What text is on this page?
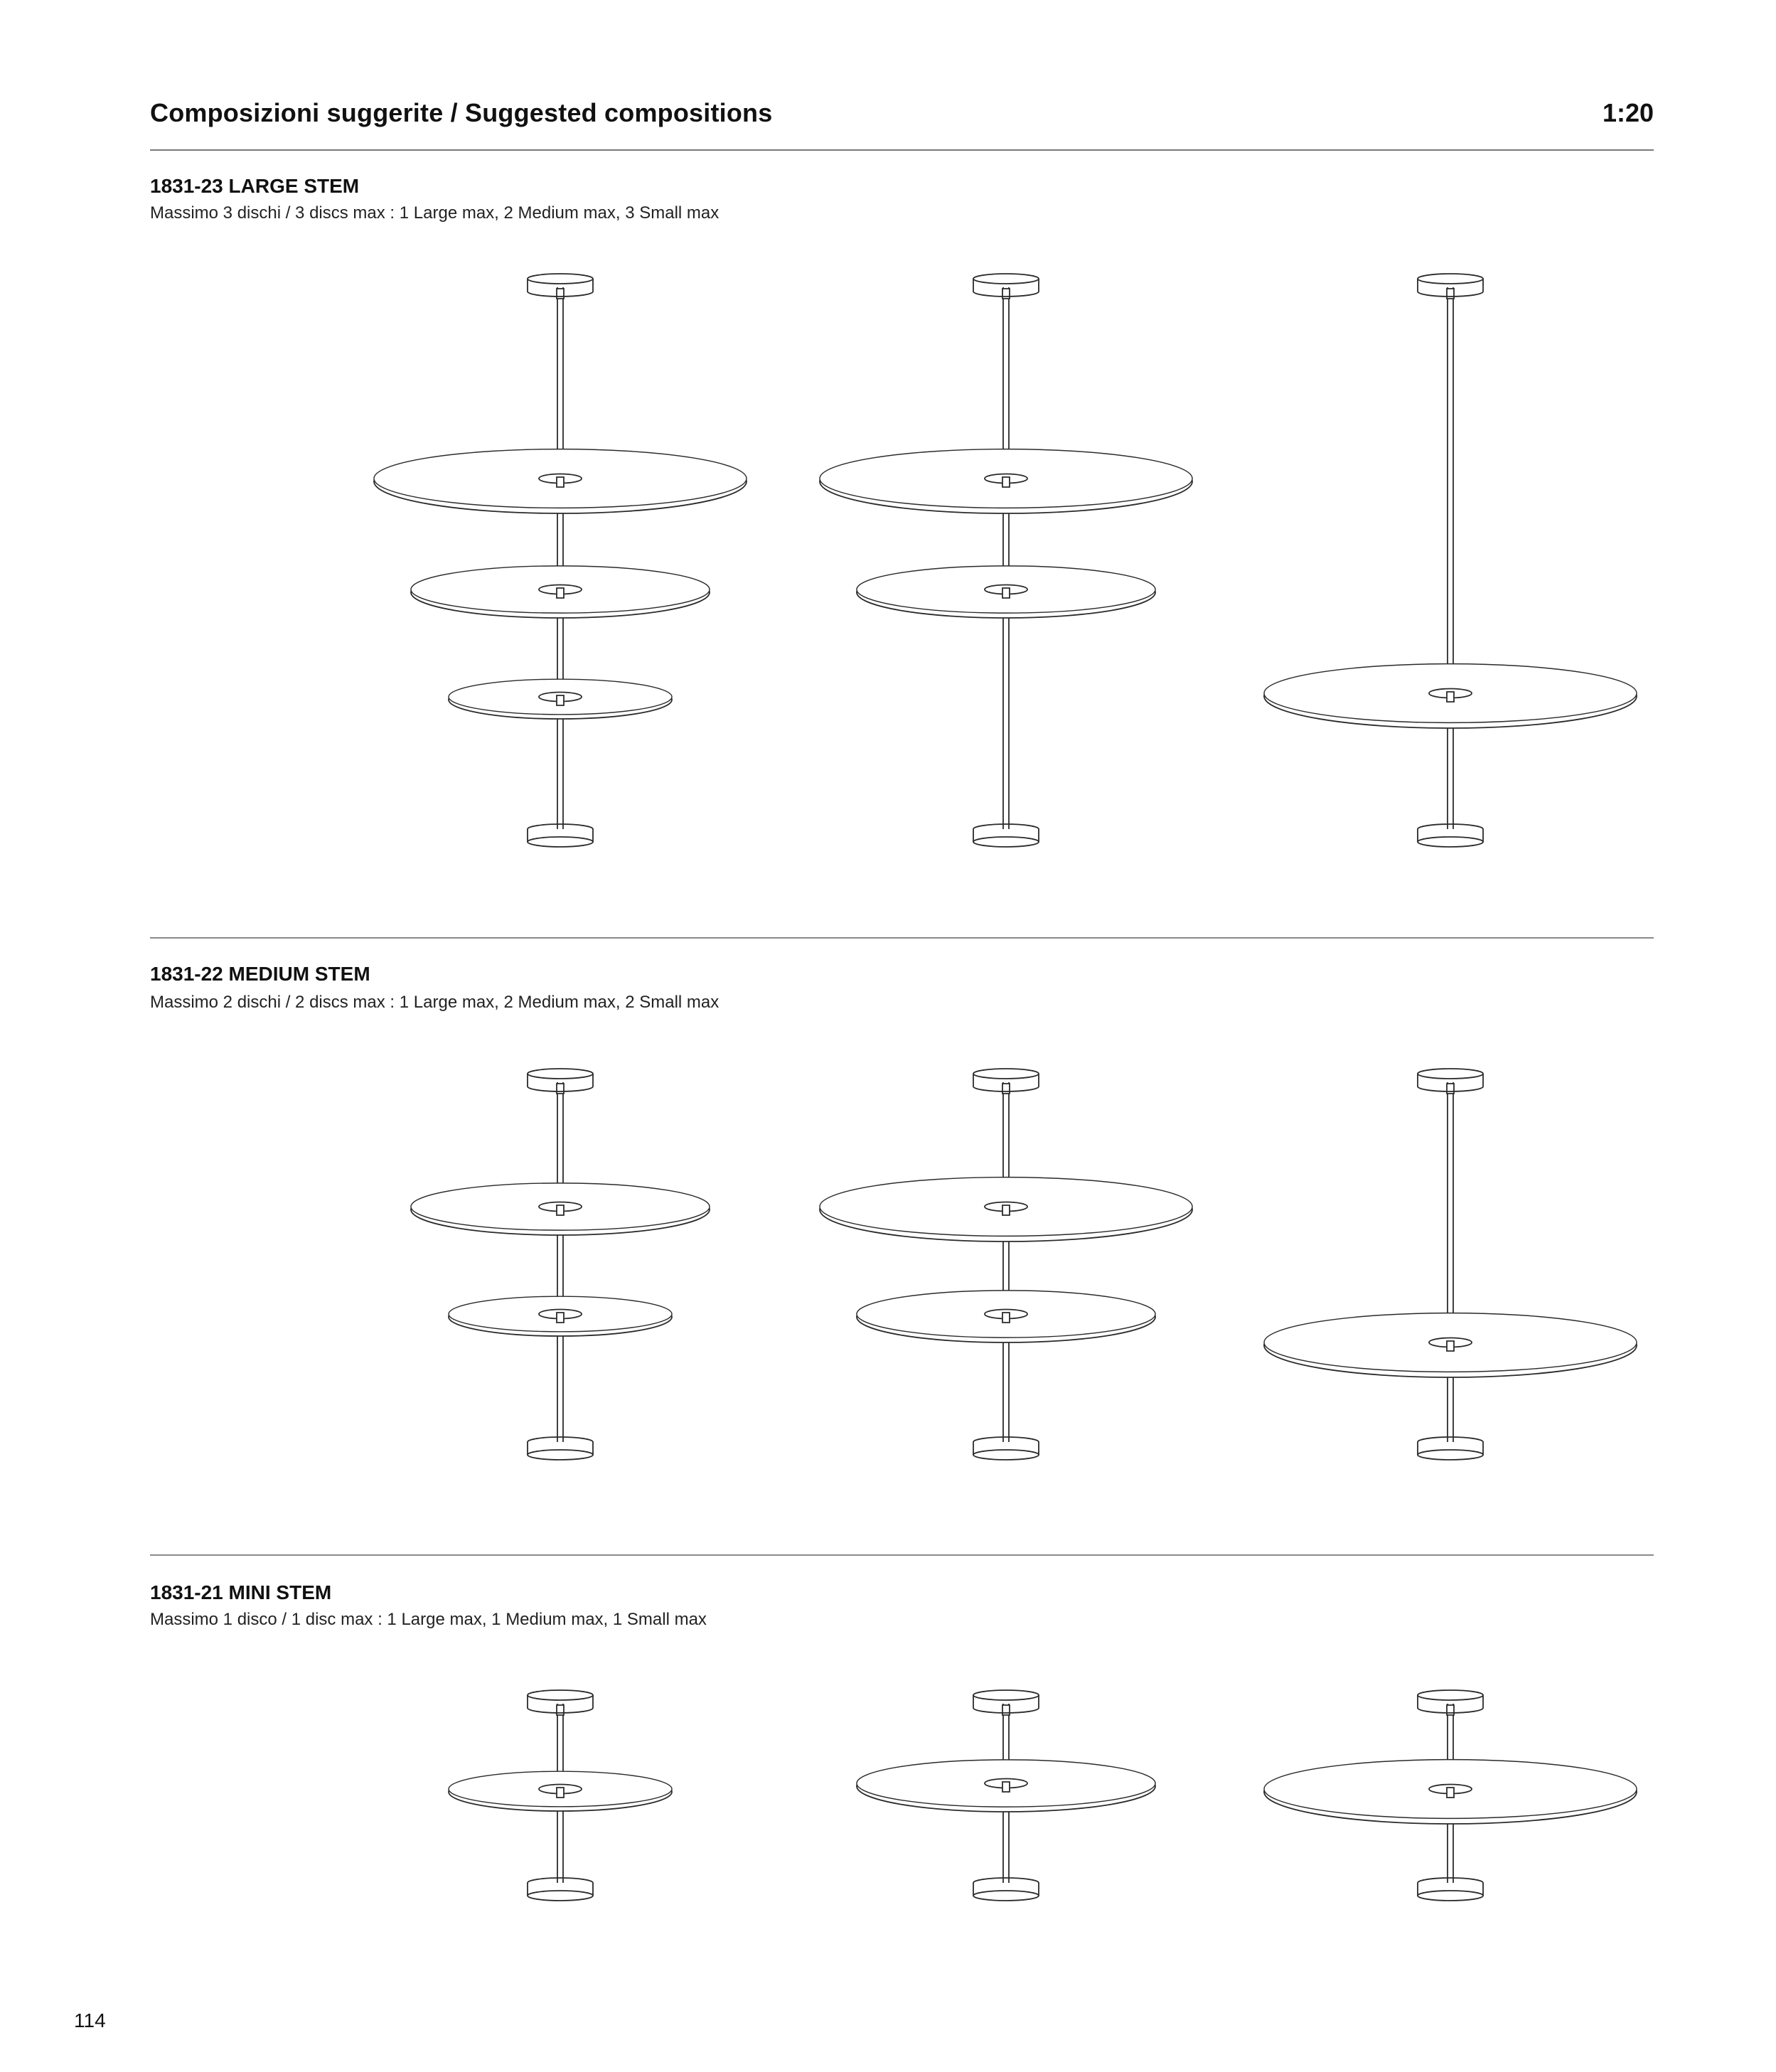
Composizioni suggerite / Suggested compositions	1:20
1831-23 LARGE STEM
Massimo 3 dischi / 3 discs max : 1 Large max, 2 Medium max, 3 Small max
1831-22 MEDIUM STEM
Massimo 2 dischi / 2 discs max : 1 Large max, 2 Medium max, 2 Small max
1831-21 MINI STEM
Massimo 1 disco / 1 disc max : 1 Large max, 1 Medium max, 1 Small max
114
